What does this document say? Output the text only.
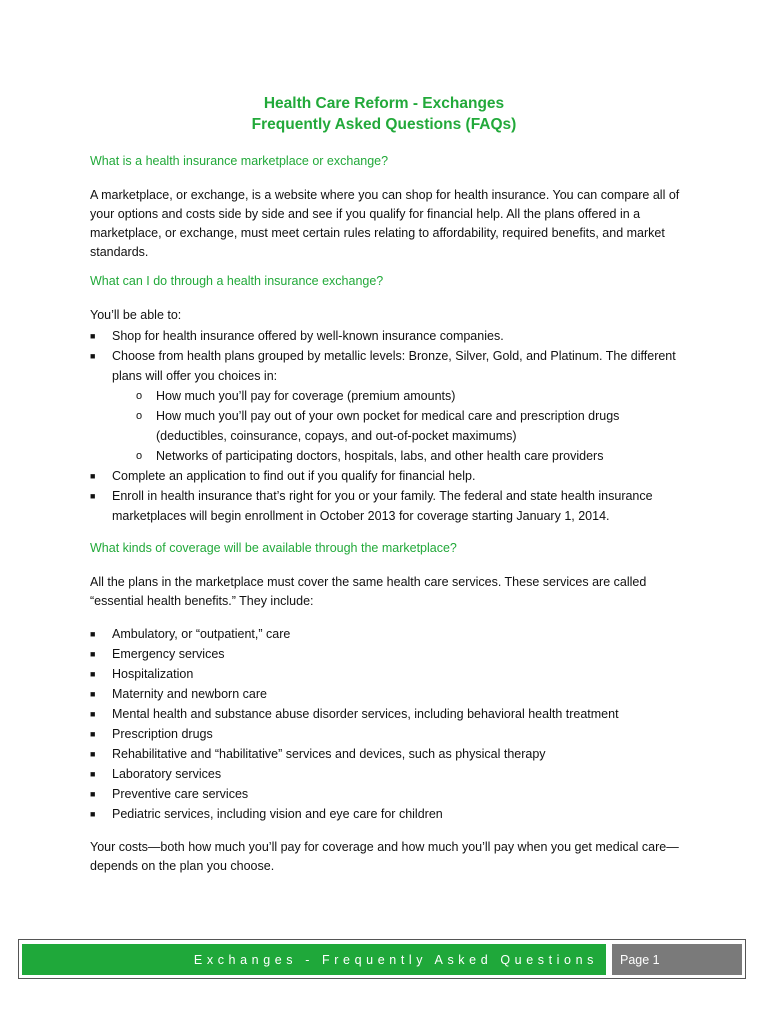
Health Care Reform - Exchanges
Frequently Asked Questions (FAQs)
What is a health insurance marketplace or exchange?
A marketplace, or exchange, is a website where you can shop for health insurance. You can compare all of your options and costs side by side and see if you qualify for financial help. All the plans offered in a marketplace, or exchange, must meet certain rules relating to affordability, required benefits, and market standards.
What can I do through a health insurance exchange?
You’ll be able to:
■ Shop for health insurance offered by well-known insurance companies.
■ Choose from health plans grouped by metallic levels: Bronze, Silver, Gold, and Platinum. The different plans will offer you choices in:
o How much you’ll pay for coverage (premium amounts)
o How much you’ll pay out of your own pocket for medical care and prescription drugs (deductibles, coinsurance, copays, and out-of-pocket maximums)
o Networks of participating doctors, hospitals, labs, and other health care providers
■ Complete an application to find out if you qualify for financial help.
■ Enroll in health insurance that’s right for you or your family. The federal and state health insurance marketplaces will begin enrollment in October 2013 for coverage starting January 1, 2014.
What kinds of coverage will be available through the marketplace?
All the plans in the marketplace must cover the same health care services. These services are called “essential health benefits.” They include:
■ Ambulatory, or “outpatient,” care
■ Emergency services
■ Hospitalization
■ Maternity and newborn care
■ Mental health and substance abuse disorder services, including behavioral health treatment
■ Prescription drugs
■ Rehabilitative and “habilitative” services and devices, such as physical therapy
■ Laboratory services
■ Preventive care services
■ Pediatric services, including vision and eye care for children
Your costs—both how much you’ll pay for coverage and how much you’ll pay when you get medical care—depends on the plan you choose.
Exchanges - Frequently Asked Questions Page 1
